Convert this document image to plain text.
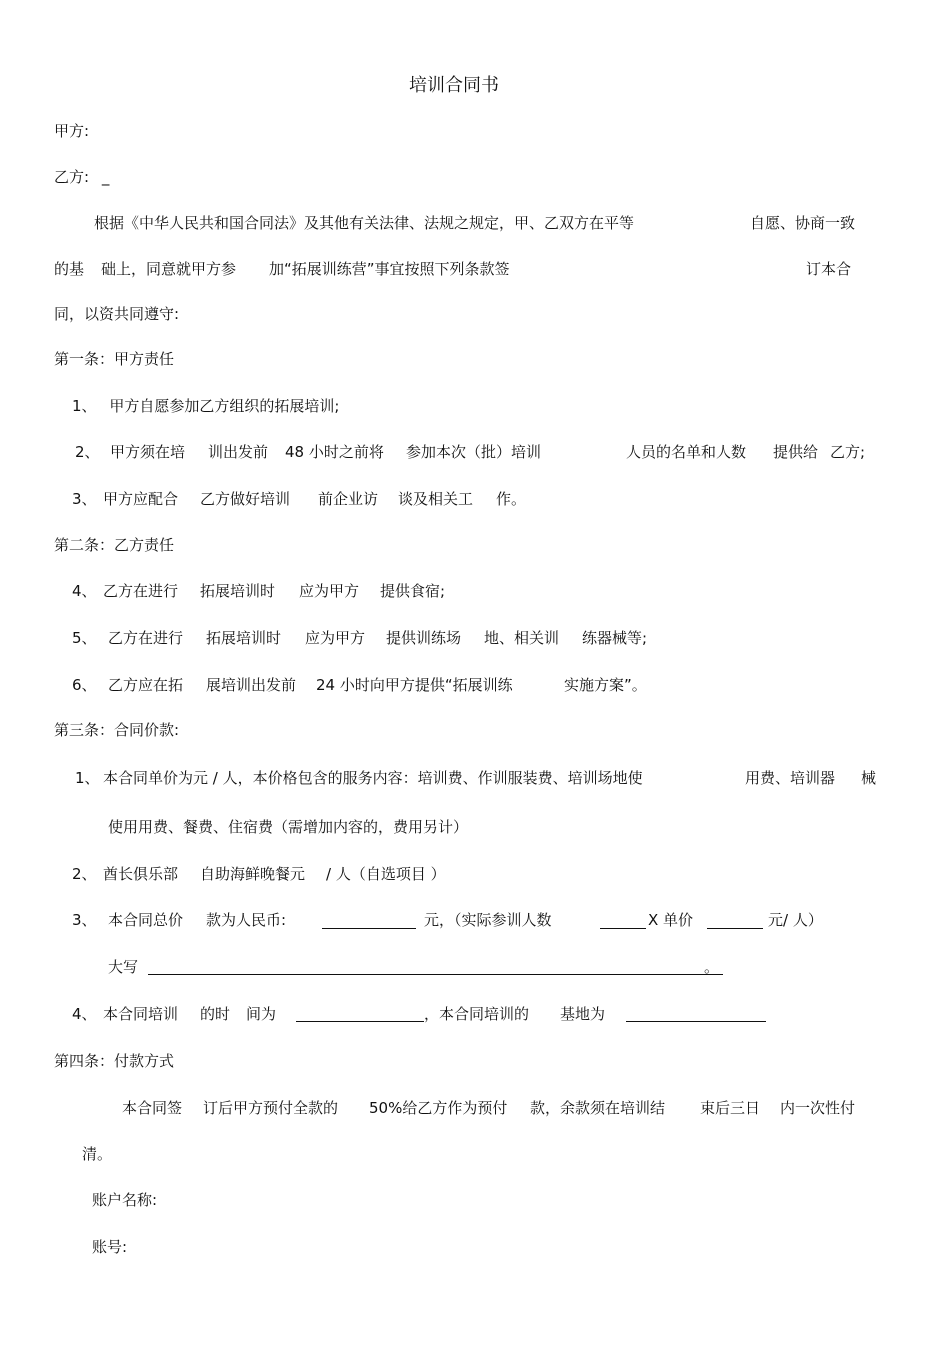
培训合同书
甲方:
乙方: _
根据《中华人民共和国合同法》及其他有关法律、法规之规定，甲、乙双方在平等	自愿、协商一致
的基 础上，同意就甲方参 加“拓展训练营”事宜按照下列条款签	订本合
同，以资共同遵守:
第一条：甲方责任
1、 甲方自愿参加乙方组织的拓展培训;
2、 甲方须在培 训出发前 48 小时之前将 参加本次（批）培训	人员的名单和人数 提供给 乙方;
3、 甲方应配合 乙方做好培训 前企业访 谈及相关工 作。
第二条：乙方责任
4、 乙方在进行 拓展培训时 应为甲方 提供食宿;
5、 乙方在进行 拓展培训时 应为甲方 提供训练场 地、相关训 练器械等;
6、 乙方应在拓 展培训出发前 24 小时向甲方提供“拓展训练	实施方案”。
第三条：合同价款:
1、 本合同单价为元 / 人，本价格包含的服务内容：培训费、作训服装费、培训场地使	用费、培训器 械
使用用费、餐费、住宿费（需增加内容的，费用另计）
2、 酋长俱乐部 自助海鲜晚餐元 / 人（自选项目 ）
3、 本合同总价 款为人民币:	元，（实际参训人数	X 单价	元/ 人）
大写	。
4、 本合同培训 的时 间为	，本合同培训的 基地为
第四条：付款方式
本合同签 订后甲方预付全款的 50%给乙方作为预付 款，余款须在培训结 束后三日 内一次性付
清。
账户名称:
账号:
